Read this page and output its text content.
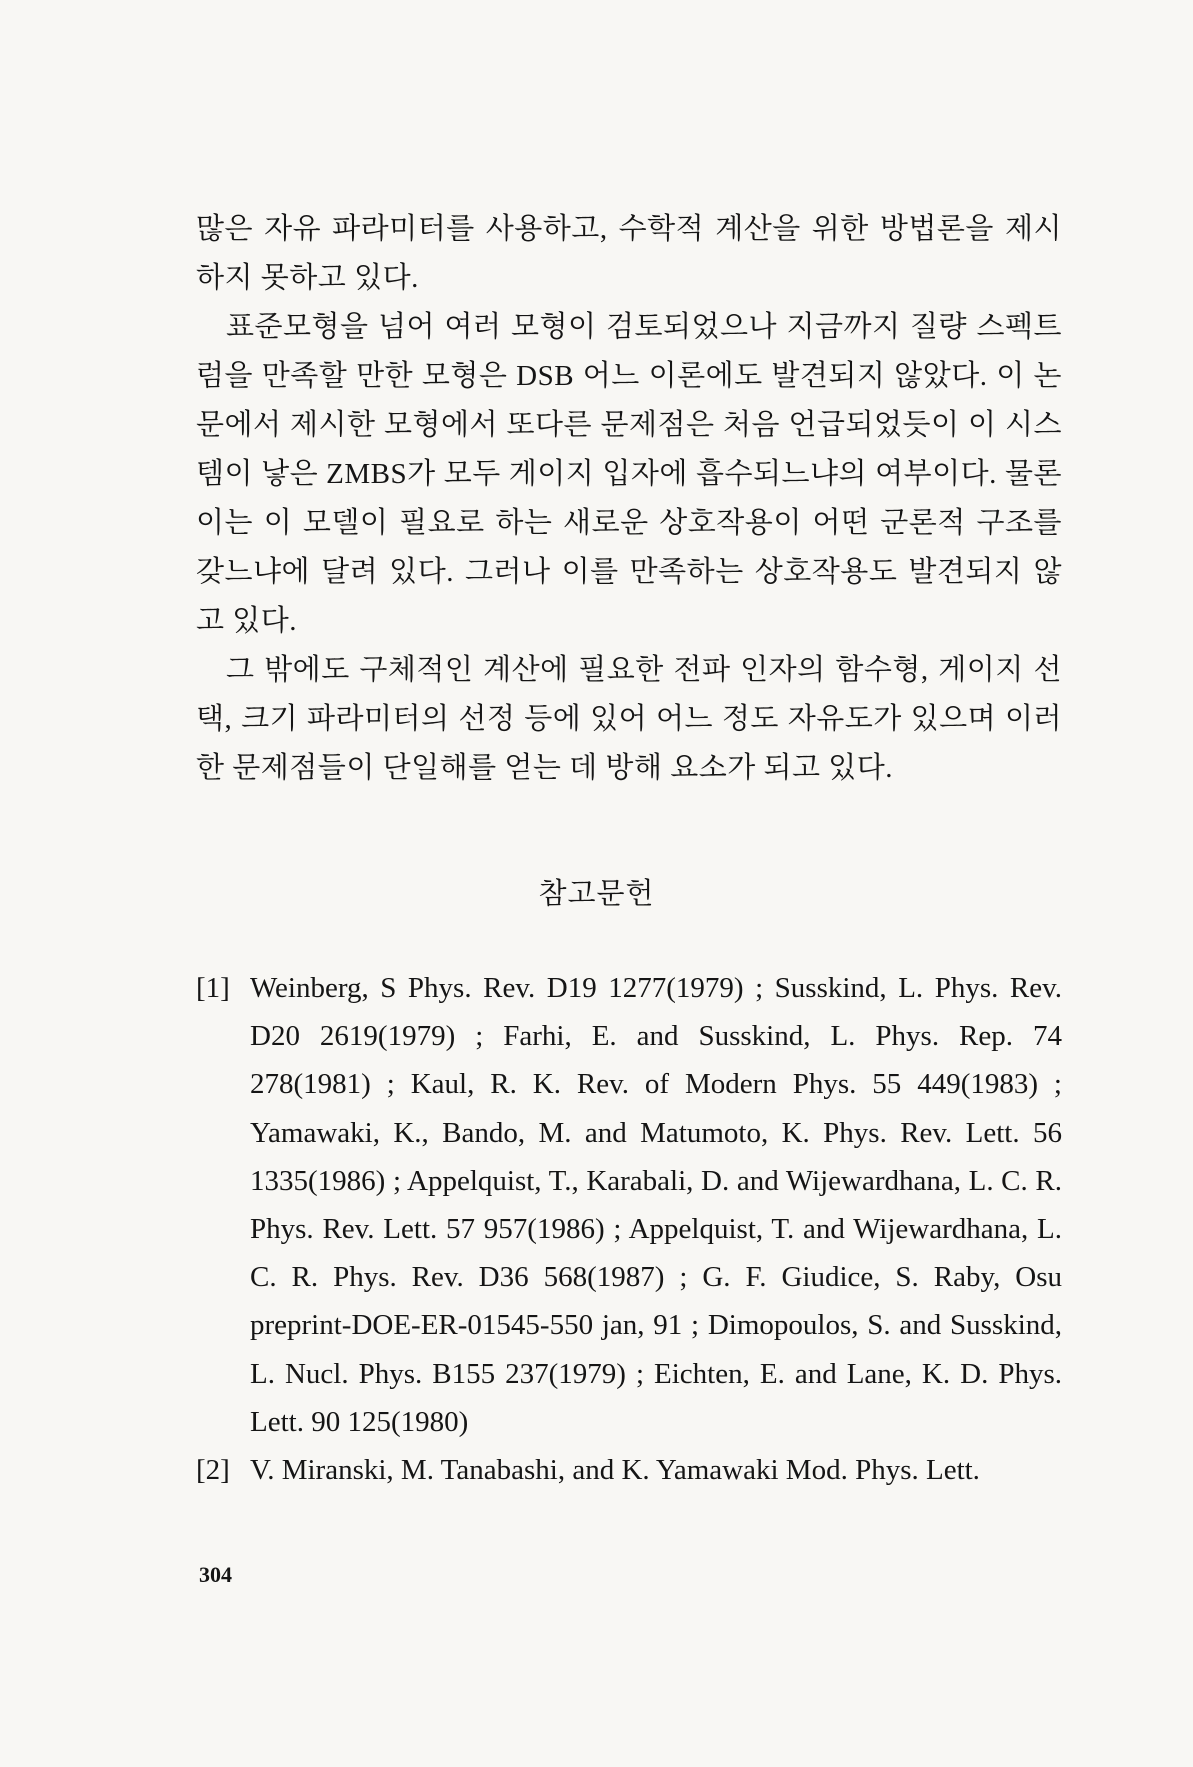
많은 자유 파라미터를 사용하고, 수학적 계산을 위한 방법론을 제시하지 못하고 있다.

표준모형을 넘어 여러 모형이 검토되었으나 지금까지 질량 스펙트럼을 만족할 만한 모형은 DSB 어느 이론에도 발견되지 않았다. 이 논문에서 제시한 모형에서 또다른 문제점은 처음 언급되었듯이 이 시스템이 낳은 ZMBS가 모두 게이지 입자에 흡수되느냐의 여부이다. 물론 이는 이 모델이 필요로 하는 새로운 상호작용이 어떤 군론적 구조를 갖느냐에 달려 있다. 그러나 이를 만족하는 상호작용도 발견되지 않고 있다.

그 밖에도 구체적인 계산에 필요한 전파 인자의 함수형, 게이지 선택, 크기 파라미터의 선정 등에 있어 어느 정도 자유도가 있으며 이러한 문제점들이 단일해를 얻는 데 방해 요소가 되고 있다.

참고문헌
[1] Weinberg, S Phys. Rev. D19 1277(1979) ; Susskind, L. Phys. Rev. D20 2619(1979) ; Farhi, E. and Susskind, L. Phys. Rep. 74 278(1981) ; Kaul, R. K. Rev. of Modern Phys. 55 449(1983) ; Yamawaki, K., Bando, M. and Matumoto, K. Phys. Rev. Lett. 56 1335(1986) ; Appelquist, T., Karabali, D. and Wijewardhana, L. C. R. Phys. Rev. Lett. 57 957(1986) ; Appelquist, T. and Wijewardhana, L. C. R. Phys. Rev. D36 568(1987) ; G. F. Giudice, S. Raby, Osu preprint-DOE-ER-01545-550 jan, 91 ; Dimopoulos, S. and Susskind, L. Nucl. Phys. B155 237(1979) ; Eichten, E. and Lane, K. D. Phys. Lett. 90 125(1980)
[2] V. Miranski, M. Tanabashi, and K. Yamawaki Mod. Phys. Lett.
304
